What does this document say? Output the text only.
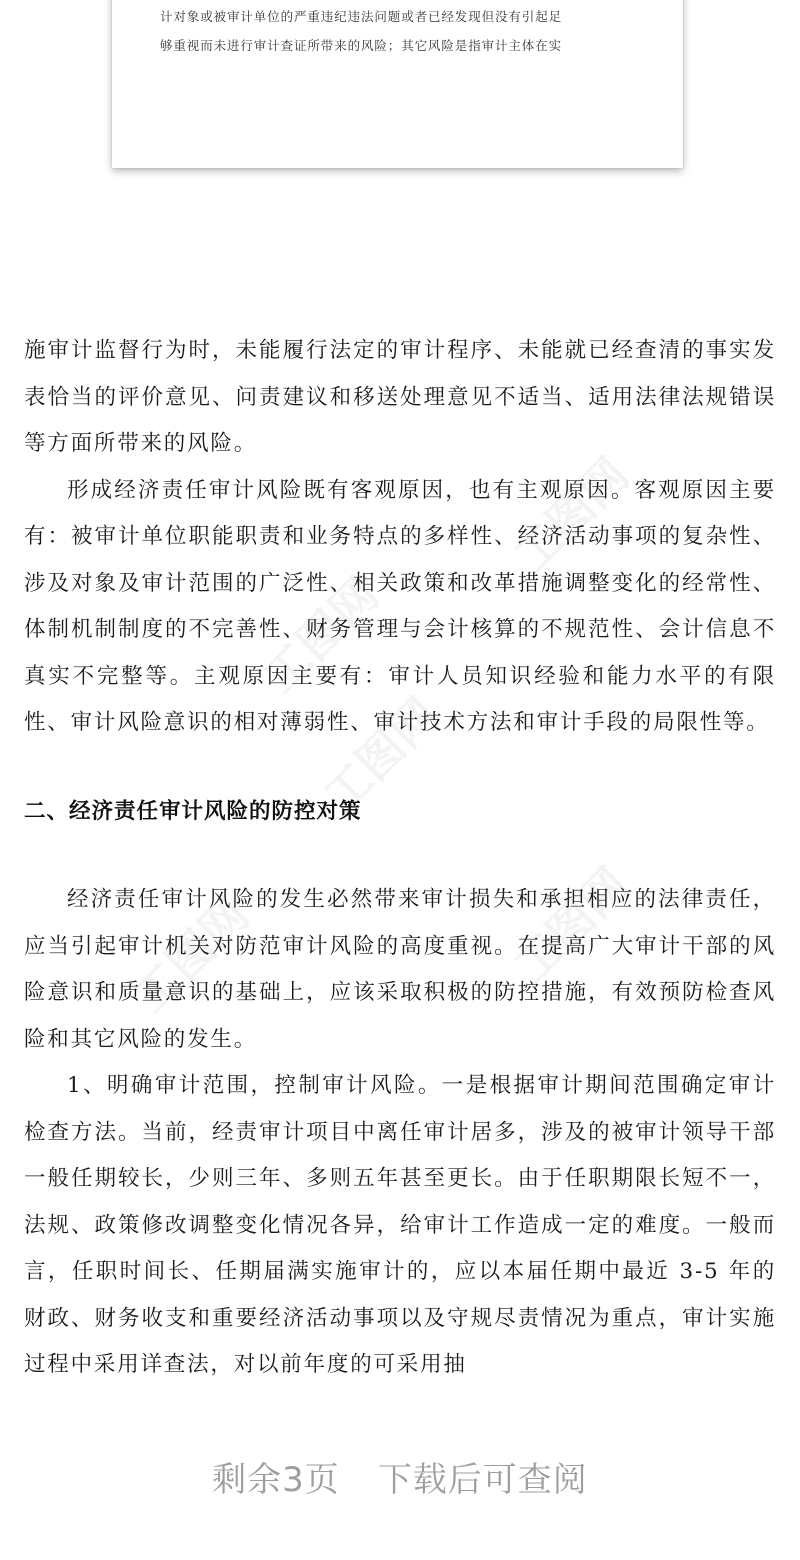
计对象或被审计单位的严重违纪违法问题或者已经发现但没有引起足
够重视而未进行审计查证所带来的风险；其它风险是指审计主体在实
工图网
工图网
工图网
工图网	工图网

施审计监督行为时，未能履行法定的审计程序、未能就已经查清的事实发表恰当的评价意见、问责建议和移送处理意见不适当、适用法律法规错误等方面所带来的风险。

形成经济责任审计风险既有客观原因，也有主观原因。客观原因主要有：被审计单位职能职责和业务特点的多样性、经济活动事项的复杂性、涉及对象及审计范围的广泛性、相关政策和改革措施调整变化的经常性、体制机制制度的不完善性、财务管理与会计核算的不规范性、会计信息不真实不完整等。主观原因主要有：审计人员知识经验和能力水平的有限性、审计风险意识的相对薄弱性、审计技术方法和审计手段的局限性等。

二、经济责任审计风险的防控对策

经济责任审计风险的发生必然带来审计损失和承担相应的法律责任，应当引起审计机关对防范审计风险的高度重视。在提高广大审计干部的风险意识和质量意识的基础上，应该采取积极的防控措施，有效预防检查风险和其它风险的发生。

1、明确审计范围，控制审计风险。一是根据审计期间范围确定审计检查方法。当前，经责审计项目中离任审计居多，涉及的被审计领导干部一般任期较长，少则三年、多则五年甚至更长。由于任职期限长短不一，法规、政策修改调整变化情况各异，给审计工作造成一定的难度。一般而言，任职时间长、任期届满实施审计的，应以本届任期中最近 3-5 年的财政、财务收支和重要经济活动事项以及守规尽责情况为重点，审计实施过程中采用详查法，对以前年度的可采用抽

剩余3页 下载后可查阅
